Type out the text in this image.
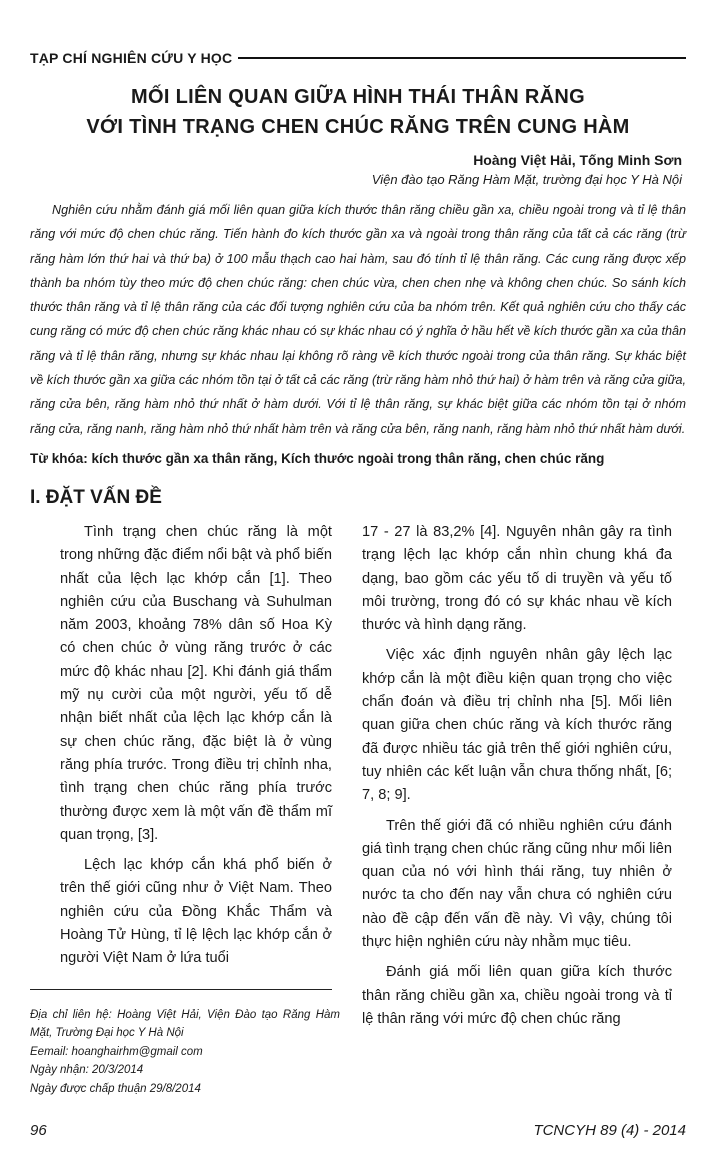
TẠP CHÍ NGHIÊN CỨU Y HỌC
MỐI LIÊN QUAN GIỮA HÌNH THÁI THÂN RĂNG
VỚI TÌNH TRẠNG CHEN CHÚC RĂNG TRÊN CUNG HÀM
Hoàng Việt Hải, Tống Minh Sơn
Viện đào tạo Răng Hàm Mặt, trường đại học Y Hà Nội

Nghiên cứu nhằm đánh giá mối liên quan giữa kích thước thân răng chiều gần xa, chiều ngoài trong và tỉ lệ thân răng với mức độ chen chúc răng. Tiến hành đo kích thước gần xa và ngoài trong thân răng của tất cả các răng (trừ răng hàm lớn thứ hai và thứ ba) ở 100 mẫu thạch cao hai hàm, sau đó tính tỉ lệ thân răng. Các cung răng được xếp thành ba nhóm tùy theo mức độ chen chúc răng: chen chúc vừa, chen chen nhẹ và không chen chúc. So sánh kích thước thân răng và tỉ lệ thân răng của các đối tượng nghiên cứu của ba nhóm trên. Kết quả nghiên cứu cho thấy các cung răng có mức độ chen chúc răng khác nhau có sự khác nhau có ý nghĩa ở hầu hết về kích thước gần xa của thân răng và tỉ lệ thân răng, nhưng sự khác nhau lại không rõ ràng về kích thước ngoài trong của thân răng. Sự khác biệt về kích thước gần xa giữa các nhóm tồn tại ở tất cả các răng (trừ răng hàm nhỏ thứ hai) ở hàm trên và răng cửa giữa, răng cửa bên, răng hàm nhỏ thứ nhất ở hàm dưới. Với tỉ lệ thân răng, sự khác biệt giữa các nhóm tồn tại ở nhóm răng cửa, răng nanh, răng hàm nhỏ thứ nhất hàm trên và răng cửa bên, răng nanh, răng hàm nhỏ thứ nhất hàm dưới.

Từ khóa: kích thước gần xa thân răng, Kích thước ngoài trong thân răng, chen chúc răng
I. ĐẶT VẤN ĐỀ

Tình trạng chen chúc răng là một trong những đặc điểm nổi bật và phổ biến nhất của lệch lạc khớp cắn [1]. Theo nghiên cứu của Buschang và Suhulman năm 2003, khoảng 78% dân số Hoa Kỳ có chen chúc ở vùng răng trước ở các mức độ khác nhau [2]. Khi đánh giá thẩm mỹ nụ cười của một người, yếu tố dễ nhận biết nhất của lệch lạc khớp cắn là sự chen chúc răng, đặc biệt là ở vùng răng phía trước. Trong điều trị chỉnh nha, tình trạng chen chúc răng phía trước thường được xem là một vấn đề thẩm mĩ quan trọng, [3].

Lệch lạc khớp cắn khá phổ biến ở trên thế giới cũng như ở Việt Nam. Theo nghiên cứu của Đồng Khắc Thẩm và Hoàng Tử Hùng, tỉ lệ lệch lạc khớp cắn ở người Việt Nam ở lứa tuổi

Địa chỉ liên hệ: Hoàng Việt Hải, Viện Đào tạo Răng Hàm Mặt, Trường Đại học Y Hà Nội
Eemail: hoanghairhm@gmail com
Ngày nhận: 20/3/2014
Ngày được chấp thuận 29/8/2014

17 - 27 là 83,2% [4]. Nguyên nhân gây ra tình trạng lệch lạc khớp cắn nhìn chung khá đa dạng, bao gồm các yếu tố di truyền và yếu tố môi trường, trong đó có sự khác nhau về kích thước và hình dạng răng.

Việc xác định nguyên nhân gây lệch lạc khớp cắn là một điều kiện quan trọng cho việc chẩn đoán và điều trị chỉnh nha [5]. Mối liên quan giữa chen chúc răng và kích thước răng đã được nhiều tác giả trên thế giới nghiên cứu, tuy nhiên các kết luận vẫn chưa thống nhất, [6; 7, 8; 9].

Trên thế giới đã có nhiều nghiên cứu đánh giá tình trạng chen chúc răng cũng như mối liên quan của nó với hình thái răng, tuy nhiên ở nước ta cho đến nay vẫn chưa có nghiên cứu nào đề cập đến vấn đề này. Vì vậy, chúng tôi thực hiện nghiên cứu này nhằm mục tiêu.

Đánh giá mối liên quan giữa kích thước thân răng chiều gần xa, chiều ngoài trong và tỉ lệ thân răng với mức độ chen chúc răng

96	TCNCYH 89 (4) - 2014
